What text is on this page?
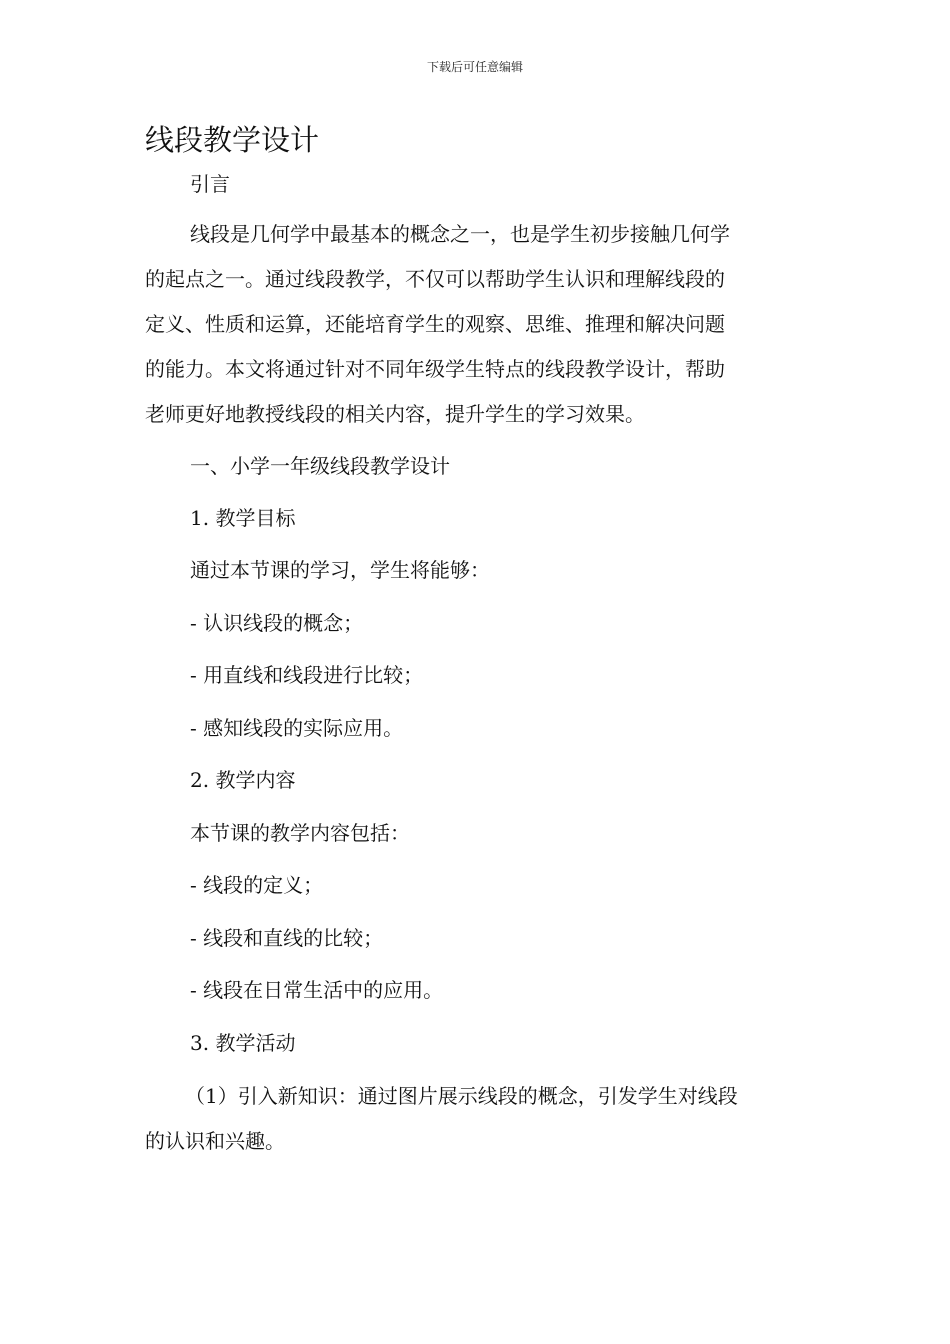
下载后可任意编辑
线段教学设计

引言

线段是几何学中最基本的概念之一，也是学生初步接触几何学
的起点之一。通过线段教学，不仅可以帮助学生认识和理解线段的
定义、性质和运算，还能培育学生的观察、思维、推理和解决问题
的能力。本文将通过针对不同年级学生特点的线段教学设计，帮助
老师更好地教授线段的相关内容，提升学生的学习效果。

一、小学一年级线段教学设计

1. 教学目标

通过本节课的学习，学生将能够：

- 认识线段的概念；

- 用直线和线段进行比较；

- 感知线段的实际应用。

2. 教学内容

本节课的教学内容包括：

- 线段的定义；

- 线段和直线的比较；

- 线段在日常生活中的应用。

3. 教学活动

（1）引入新知识：通过图片展示线段的概念，引发学生对线段
的认识和兴趣。
